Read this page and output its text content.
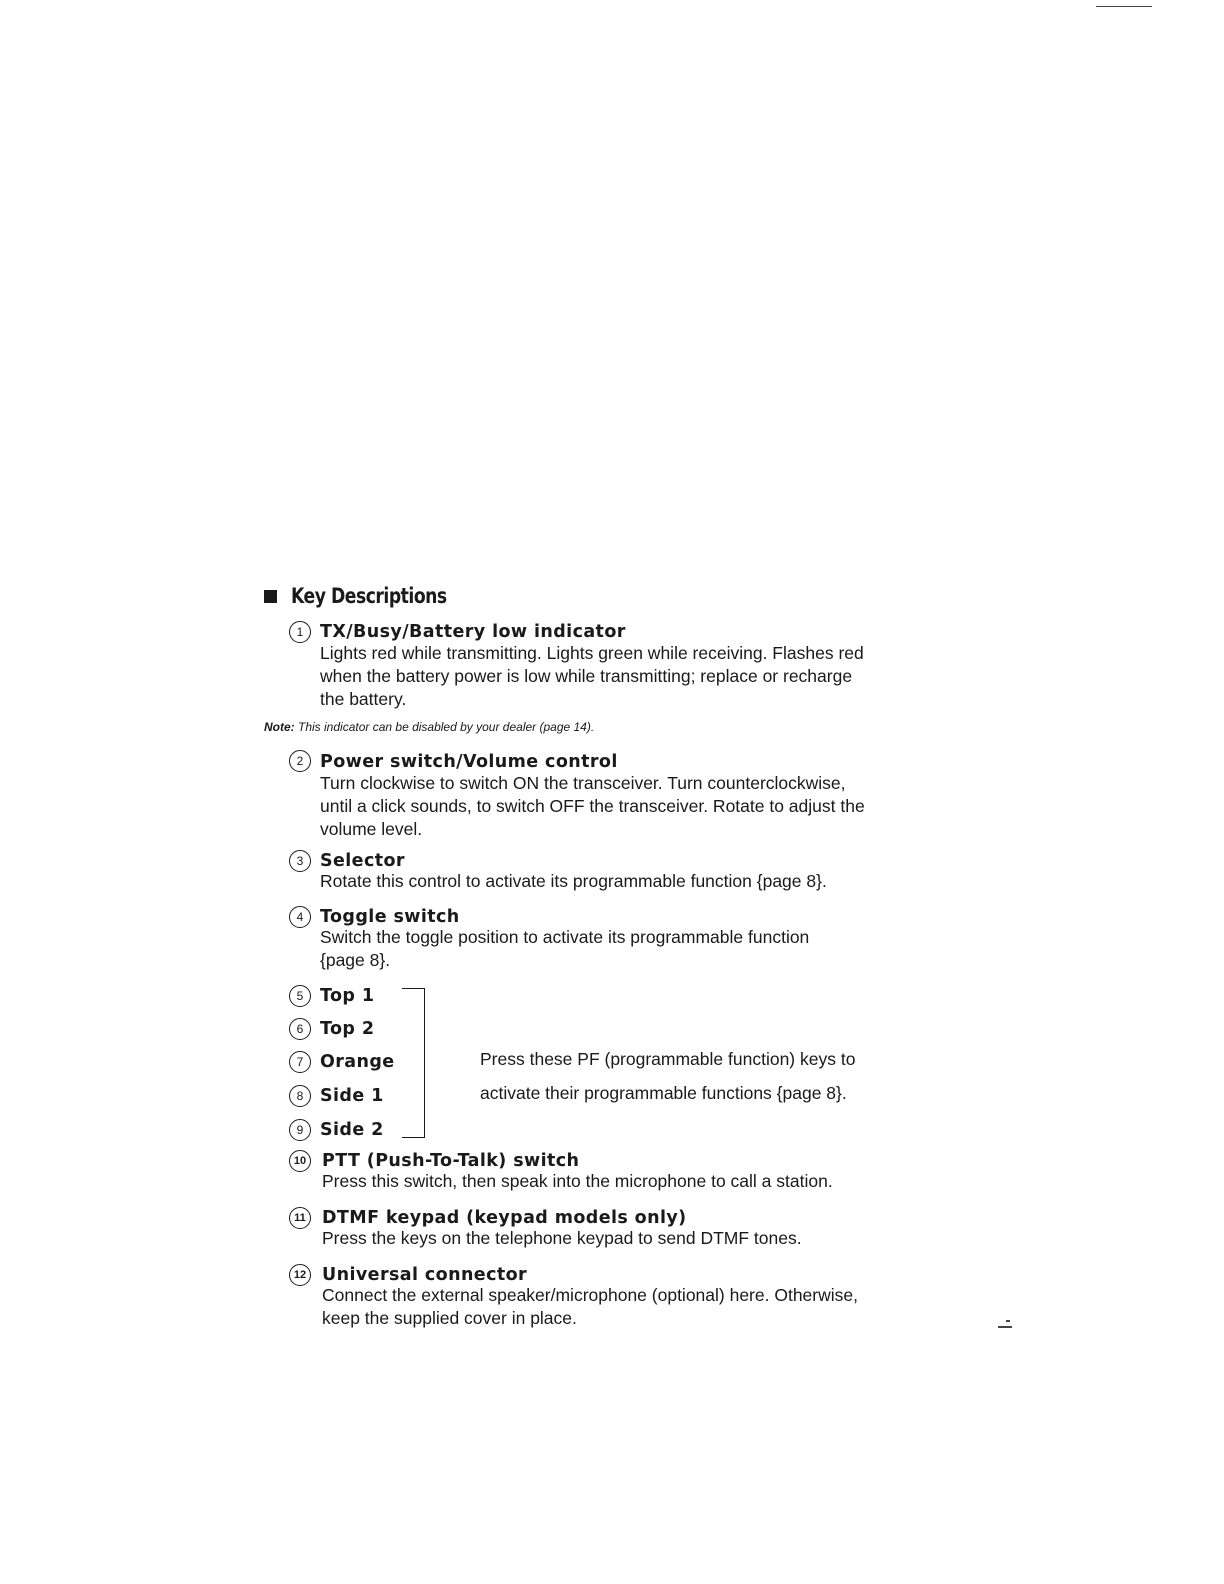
Key Descriptions
1 TX/Busy/Battery low indicator
Lights red while transmitting. Lights green while receiving. Flashes red
when the battery power is low while transmitting; replace or recharge
the battery.
Note: This indicator can be disabled by your dealer (page 14).
2 Power switch/Volume control
Turn clockwise to switch ON the transceiver. Turn counterclockwise,
until a click sounds, to switch OFF the transceiver. Rotate to adjust the
volume level.
3 Selector
Rotate this control to activate its programmable function {page 8}.
4 Toggle switch
Switch the toggle position to activate its programmable function
{page 8}.
5 Top 1
6 Top 2
7 Orange
8 Side 1
9 Side 2
Press these PF (programmable function) keys to
activate their programmable functions {page 8}.
10 PTT (Push-To-Talk) switch
Press this switch, then speak into the microphone to call a station.
11 DTMF keypad (keypad models only)
Press the keys on the telephone keypad to send DTMF tones.
12 Universal connector
Connect the external speaker/microphone (optional) here. Otherwise,
keep the supplied cover in place.
